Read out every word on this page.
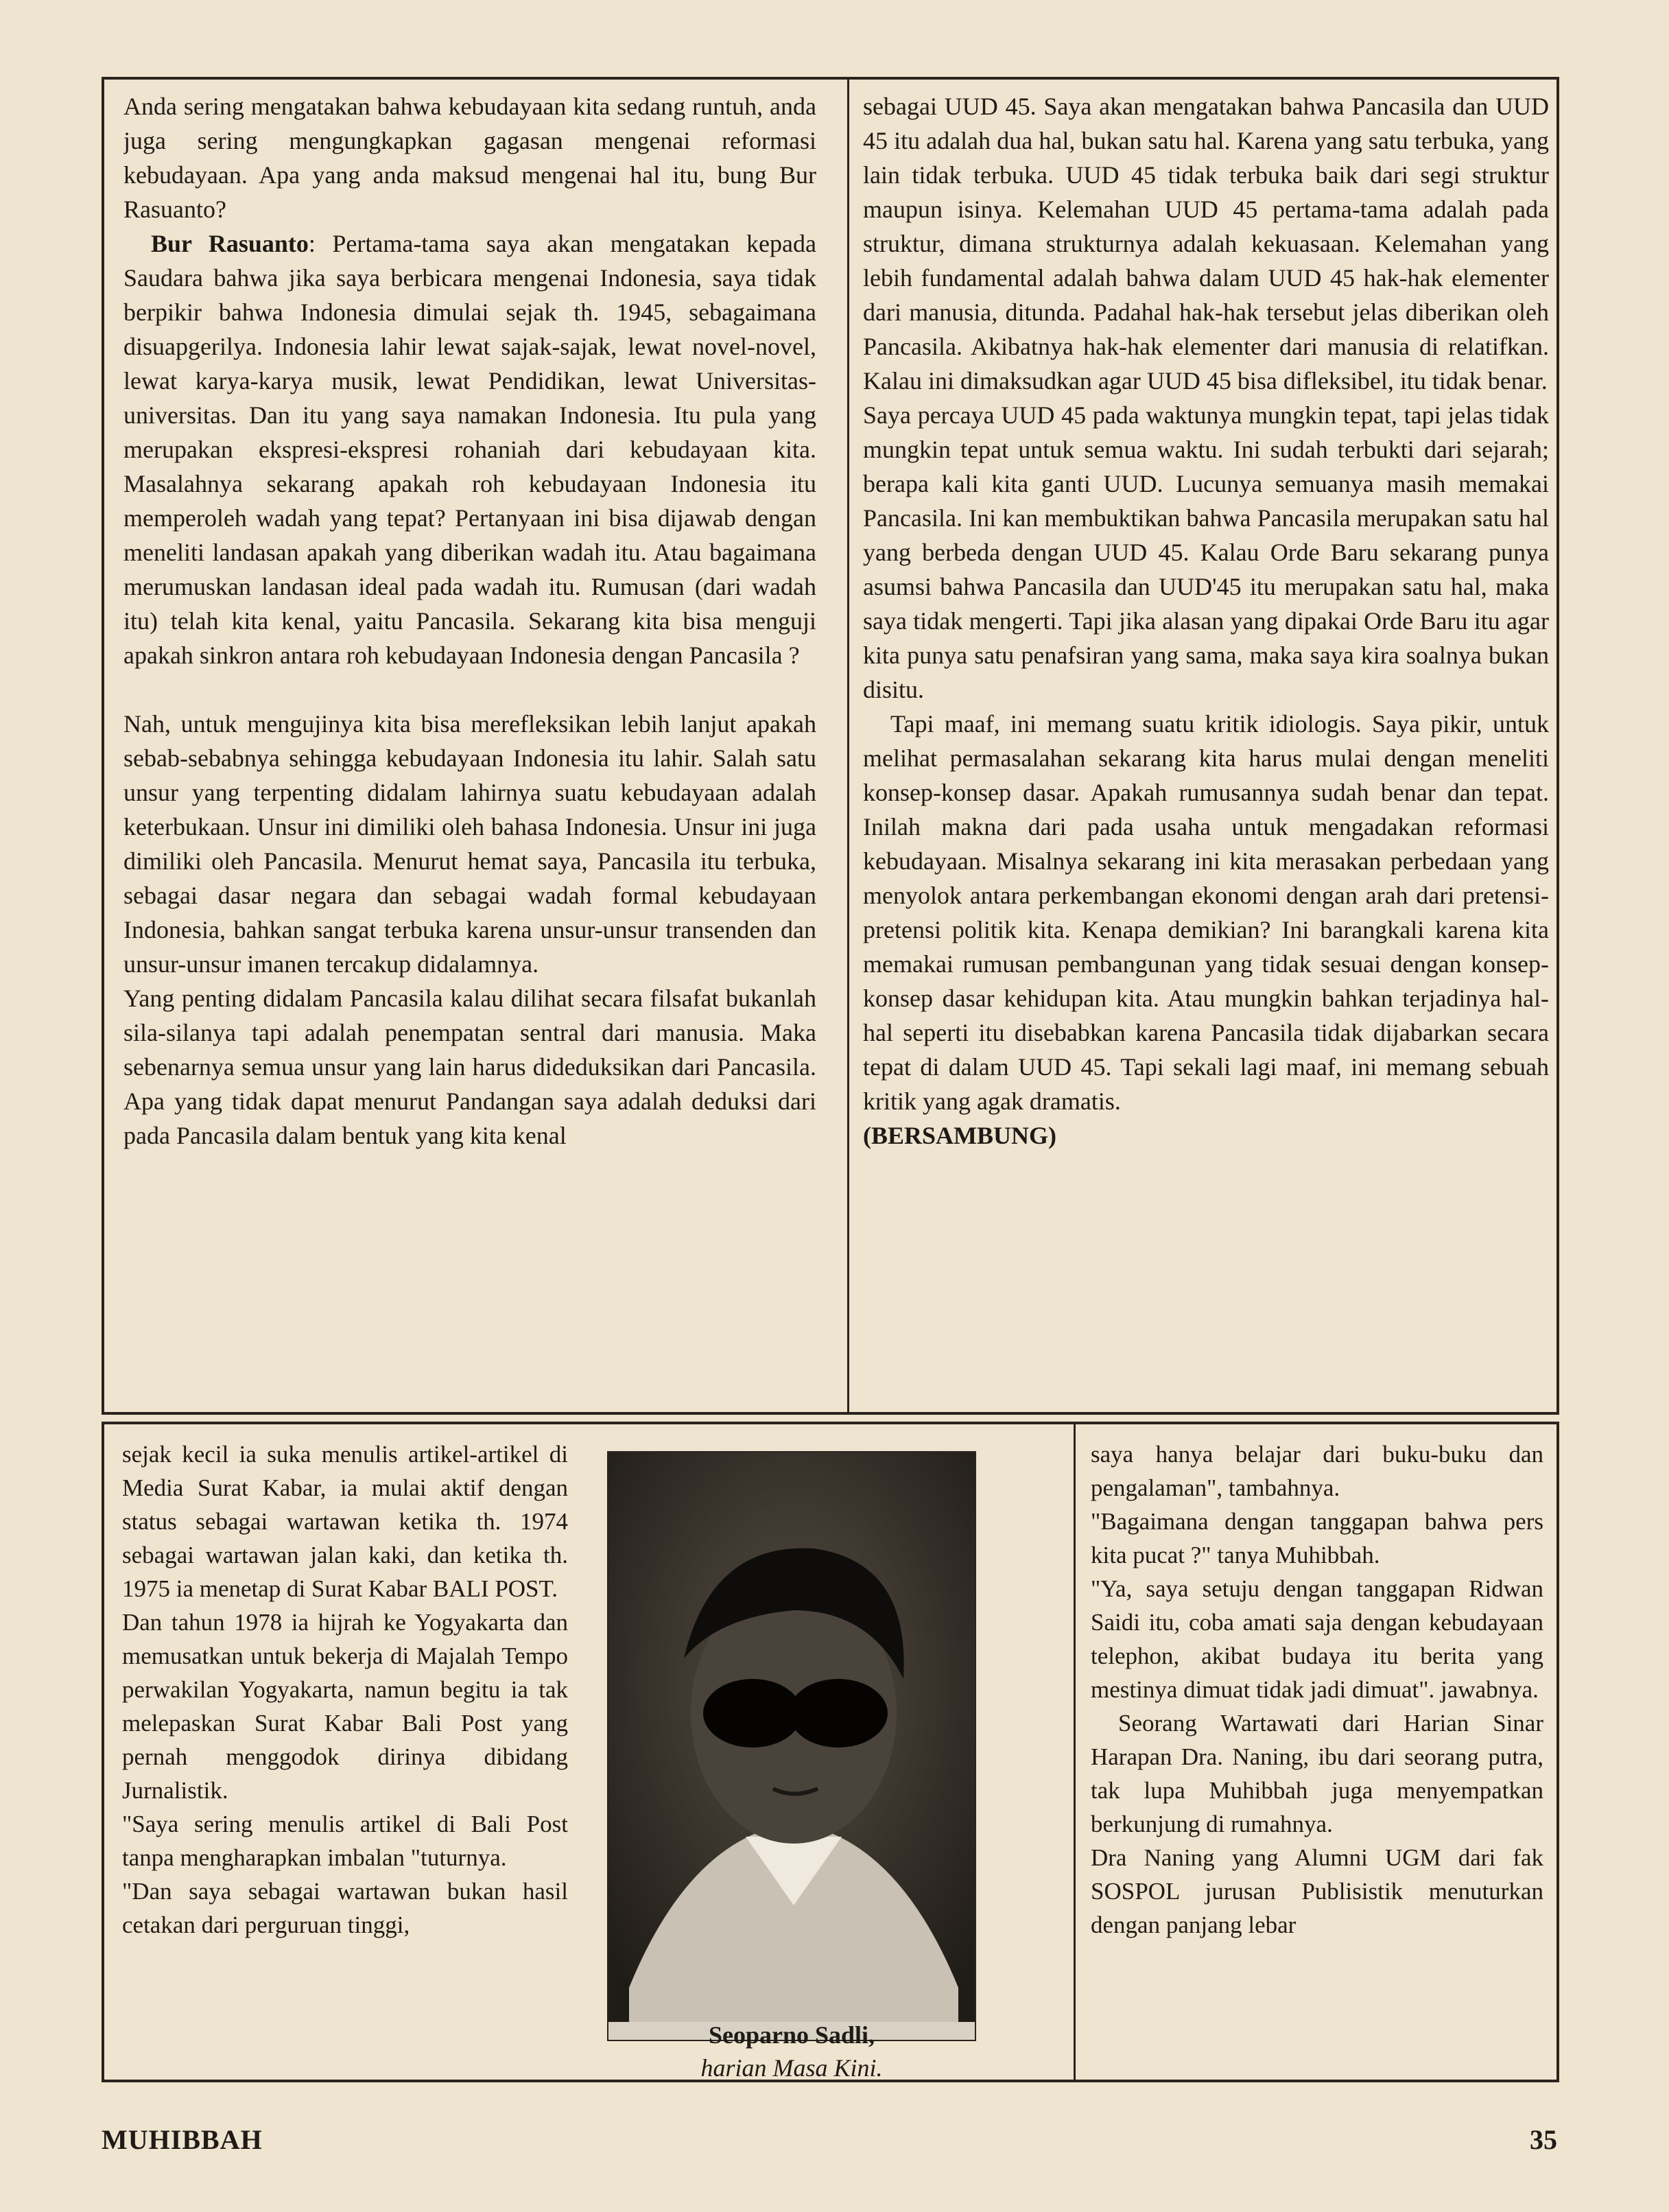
Anda sering mengatakan bahwa kebudayaan kita sedang runtuh, anda juga sering mengungkapkan gagasan mengenai reformasi kebudayaan. Apa yang anda maksud mengenai hal itu, bung Bur Rasuanto?

Bur Rasuanto: Pertama-tama saya akan mengatakan kepada Saudara bahwa jika saya berbicara mengenai Indonesia, saya tidak berpikir bahwa Indonesia dimulai sejak th. 1945, sebagaimana disuapgerilya. Indonesia lahir lewat sajak-sajak, lewat novel-novel, lewat karya-karya musik, lewat Pendidikan, lewat Universitas-universitas. Dan itu yang saya namakan Indonesia. Itu pula yang merupakan ekspresi-ekspresi rohaniah dari kebudayaan kita. Masalahnya sekarang apakah roh kebudayaan Indonesia itu memperoleh wadah yang tepat? Pertanyaan ini bisa dijawab dengan meneliti landasan apakah yang diberikan wadah itu. Atau bagaimana merumuskan landasan ideal pada wadah itu. Rumusan (dari wadah itu) telah kita kenal, yaitu Pancasila. Sekarang kita bisa menguji apakah sinkron antara roh kebudayaan Indonesia dengan Pancasila ?

Nah, untuk mengujinya kita bisa merefleksikan lebih lanjut apakah sebab-sebabnya sehingga kebudayaan Indonesia itu lahir. Salah satu unsur yang terpenting didalam lahirnya suatu kebudayaan adalah keterbukaan. Unsur ini dimiliki oleh bahasa Indonesia. Unsur ini juga dimiliki oleh Pancasila. Menurut hemat saya, Pancasila itu terbuka, sebagai dasar negara dan sebagai wadah formal kebudayaan Indonesia, bahkan sangat terbuka karena unsur-unsur transenden dan unsur-unsur imanen tercakup didalamnya.

Yang penting didalam Pancasila kalau dilihat secara filsafat bukanlah sila-silanya tapi adalah penempatan sentral dari manusia. Maka sebenarnya semua unsur yang lain harus dideduksikan dari Pancasila. Apa yang tidak dapat menurut Pandangan saya adalah deduksi dari pada Pancasila dalam bentuk yang kita kenal

sebagai UUD 45. Saya akan mengatakan bahwa Pancasila dan UUD 45 itu adalah dua hal, bukan satu hal. Karena yang satu terbuka, yang lain tidak terbuka. UUD 45 tidak terbuka baik dari segi struktur maupun isinya. Kelemahan UUD 45 pertama-tama adalah pada struktur, dimana strukturnya adalah kekuasaan. Kelemahan yang lebih fundamental adalah bahwa dalam UUD 45 hak-hak elementer dari manusia, ditunda. Padahal hak-hak tersebut jelas diberikan oleh Pancasila. Akibatnya hak-hak elementer dari manusia di relatifkan. Kalau ini dimaksudkan agar UUD 45 bisa difleksibel, itu tidak benar.

Saya percaya UUD 45 pada waktunya mungkin tepat, tapi jelas tidak mungkin tepat untuk semua waktu. Ini sudah terbukti dari sejarah; berapa kali kita ganti UUD. Lucunya semuanya masih memakai Pancasila. Ini kan membuktikan bahwa Pancasila merupakan satu hal yang berbeda dengan UUD 45. Kalau Orde Baru sekarang punya asumsi bahwa Pancasila dan UUD'45 itu merupakan satu hal, maka saya tidak mengerti. Tapi jika alasan yang dipakai Orde Baru itu agar kita punya satu penafsiran yang sama, maka saya kira soalnya bukan disitu.

Tapi maaf, ini memang suatu kritik idiologis. Saya pikir, untuk melihat permasalahan sekarang kita harus mulai dengan meneliti konsep-konsep dasar. Apakah rumusannya sudah benar dan tepat. Inilah makna dari pada usaha untuk mengadakan reformasi kebudayaan. Misalnya sekarang ini kita merasakan perbedaan yang menyolok antara perkembangan ekonomi dengan arah dari pretensi-pretensi politik kita. Kenapa demikian? Ini barangkali karena kita memakai rumusan pembangunan yang tidak sesuai dengan konsep-konsep dasar kehidupan kita. Atau mungkin bahkan terjadinya hal-hal seperti itu disebabkan karena Pancasila tidak dijabarkan secara tepat di dalam UUD 45. Tapi sekali lagi maaf, ini memang sebuah kritik yang agak dramatis.

(BERSAMBUNG)

sejak kecil ia suka menulis artikel-artikel di Media Surat Kabar, ia mulai aktif dengan status sebagai wartawan ketika th. 1974 sebagai wartawan jalan kaki, dan ketika th. 1975 ia menetap di Surat Kabar BALI POST.

Dan tahun 1978 ia hijrah ke Yogyakarta dan memusatkan untuk bekerja di Majalah Tempo perwakilan Yogyakarta, namun begitu ia tak melepaskan Surat Kabar Bali Post yang pernah menggodok dirinya dibidang Jurnalistik.

"Saya sering menulis artikel di Bali Post tanpa mengharapkan imbalan "tuturnya.

"Dan saya sebagai wartawan bukan hasil cetakan dari perguruan tinggi,

Seoparno Sadli,
harian Masa Kini.

saya hanya belajar dari buku-buku dan pengalaman", tambahnya.

"Bagaimana dengan tanggapan bahwa pers kita pucat ?" tanya Muhibbah.

"Ya, saya setuju dengan tanggapan Ridwan Saidi itu, coba amati saja dengan kebudayaan telephon, akibat budaya itu berita yang mestinya dimuat tidak jadi dimuat". jawabnya.

Seorang Wartawati dari Harian Sinar Harapan Dra. Naning, ibu dari seorang putra, tak lupa Muhibbah juga menyempatkan berkunjung di rumahnya.

Dra Naning yang Alumni UGM dari fak SOSPOL jurusan Publisistik menuturkan dengan panjang lebar

MUHIBBAH	35
